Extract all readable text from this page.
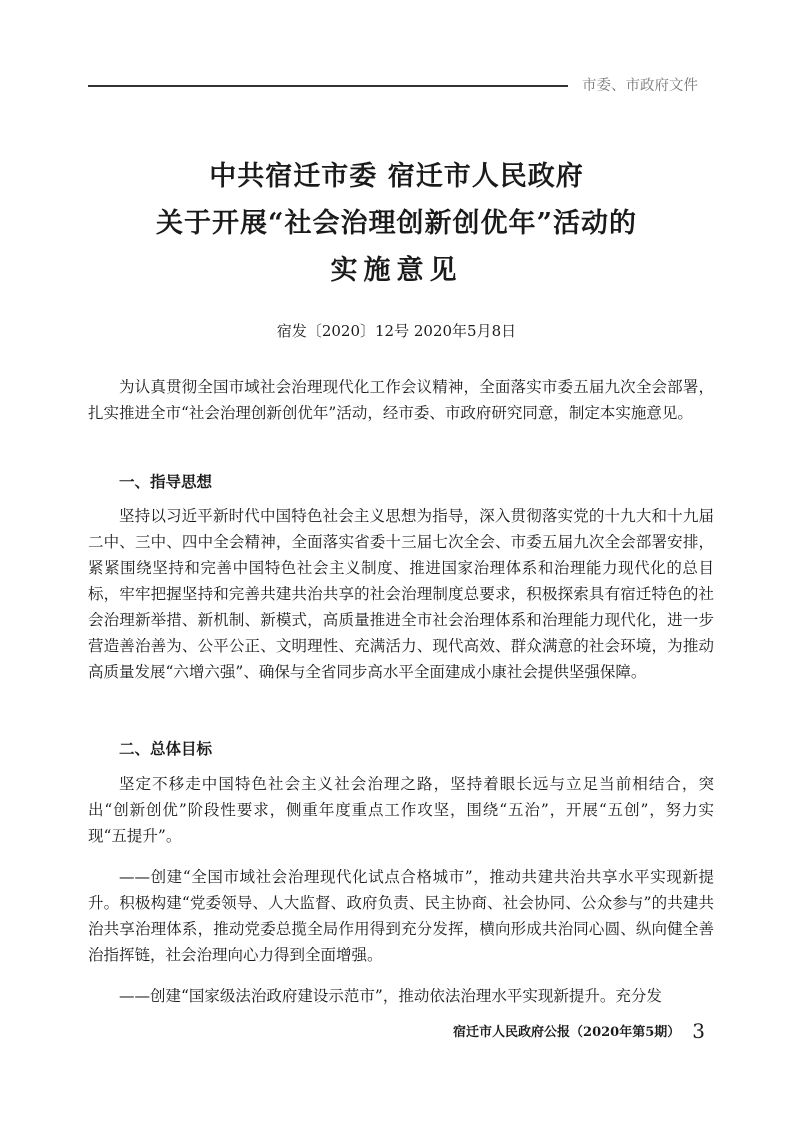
市委、市政府文件
中共宿迁市委 宿迁市人民政府
关于开展“社会治理创新创优年”活动的
实施意见
宿发〔2020〕12号 2020年5月8日

为认真贯彻全国市域社会治理现代化工作会议精神，全面落实市委五届九次全会部署，扎实推进全市“社会治理创新创优年”活动，经市委、市政府研究同意，制定本实施意见。

一、指导思想

坚持以习近平新时代中国特色社会主义思想为指导，深入贯彻落实党的十九大和十九届二中、三中、四中全会精神，全面落实省委十三届七次全会、市委五届九次全会部署安排，紧紧围绕坚持和完善中国特色社会主义制度、推进国家治理体系和治理能力现代化的总目标，牢牢把握坚持和完善共建共治共享的社会治理制度总要求，积极探索具有宿迁特色的社会治理新举措、新机制、新模式，高质量推进全市社会治理体系和治理能力现代化，进一步营造善治善为、公平公正、文明理性、充满活力、现代高效、群众满意的社会环境，为推动高质量发展“六增六强”、确保与全省同步高水平全面建成小康社会提供坚强保障。

二、总体目标

坚定不移走中国特色社会主义社会治理之路，坚持着眼长远与立足当前相结合，突出“创新创优”阶段性要求，侧重年度重点工作攻坚，围绕“五治”，开展“五创”，努力实现“五提升”。

——创建“全国市域社会治理现代化试点合格城市”，推动共建共治共享水平实现新提升。积极构建“党委领导、人大监督、政府负责、民主协商、社会协同、公众参与”的共建共治共享治理体系，推动党委总揽全局作用得到充分发挥，横向形成共治同心圆、纵向健全善治指挥链，社会治理向心力得到全面增强。

——创建“国家级法治政府建设示范市”，推动依法治理水平实现新提升。充分发

宿迁市人民政府公报（2020年第5期） 3
